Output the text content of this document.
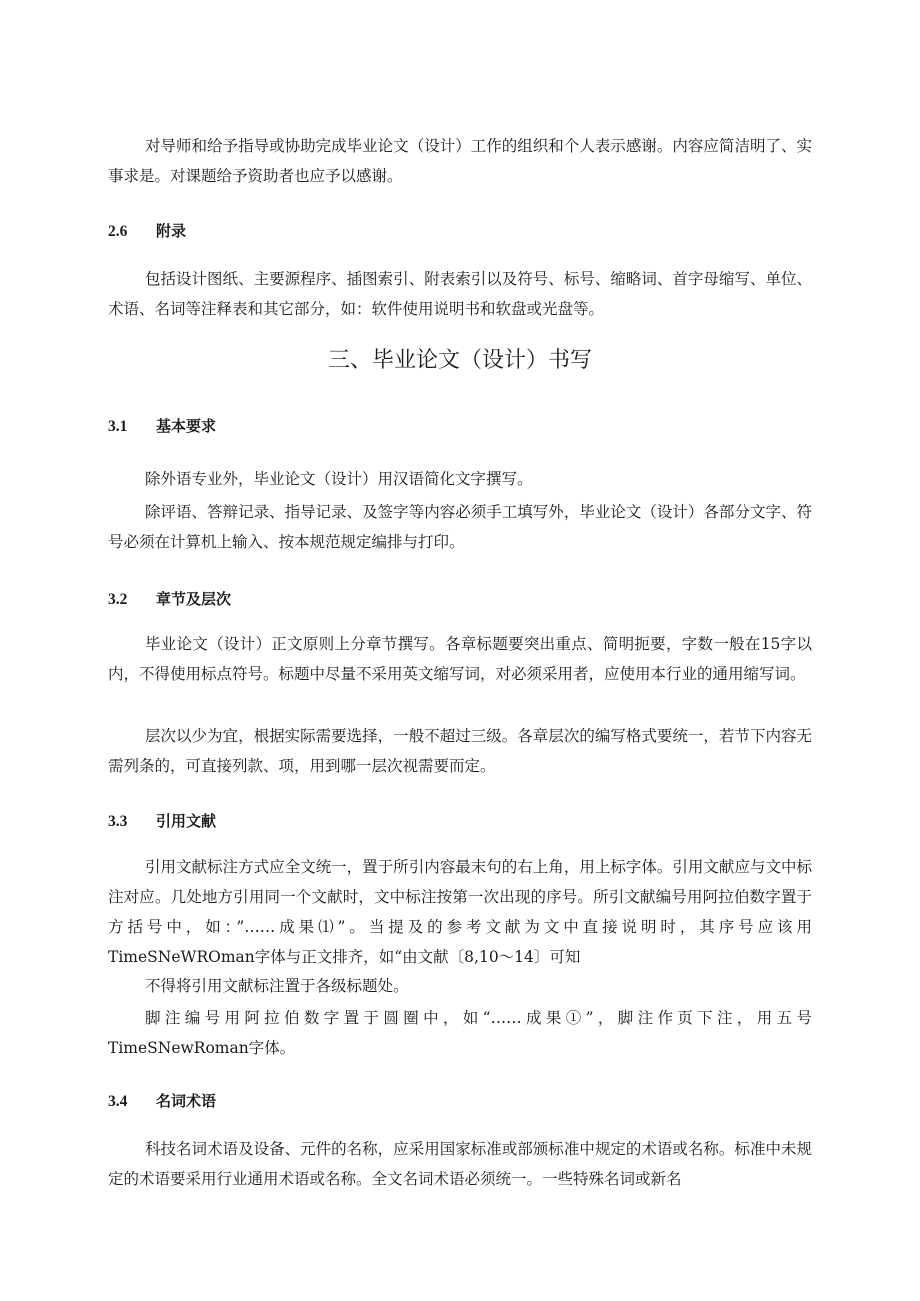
对导师和给予指导或协助完成毕业论文（设计）工作的组织和个人表示感谢。内容应简洁明了、实事求是。对课题给予资助者也应予以感谢。

2.6 附录

包括设计图纸、主要源程序、插图索引、附表索引以及符号、标号、缩略词、首字母缩写、单位、术语、名词等注释表和其它部分，如：软件使用说明书和软盘或光盘等。

三、毕业论文（设计）书写
3.1 基本要求

除外语专业外，毕业论文（设计）用汉语简化文字撰写。

除评语、答辩记录、指导记录、及签字等内容必须手工填写外，毕业论文（设计）各部分文字、符号必须在计算机上输入、按本规范规定编排与打印。

3.2 章节及层次

毕业论文（设计）正文原则上分章节撰写。各章标题要突出重点、简明扼要，字数一般在15字以内，不得使用标点符号。标题中尽量不采用英文缩写词，对必须采用者，应使用本行业的通用缩写词。

层次以少为宜，根据实际需要选择，一般不超过三级。各章层次的编写格式要统一，若节下内容无需列条的，可直接列款、项，用到哪一层次视需要而定。

3.3 引用文献

引用文献标注方式应全文统一，置于所引内容最末句的右上角，用上标字体。引用文献应与文中标注对应。几处地方引用同一个文献时，文中标注按第一次出现的序号。所引文献编号用阿拉伯数字置于方括号中，如：”……成果⑴”。当提及的参考文献为文中直接说明时，其序号应该用TimeSNeWROman字体与正文排齐，如“由文献〔8,10～14〕可知

不得将引用文献标注置于各级标题处。

脚注编号用阿拉伯数字置于圆圈中，如“……成果①”，脚注作页下注，用五号TimeSNewRoman字体。

3.4 名词术语

科技名词术语及设备、元件的名称，应采用国家标准或部颁标准中规定的术语或名称。标准中未规定的术语要采用行业通用术语或名称。全文名词术语必须统一。一些特殊名词或新名
